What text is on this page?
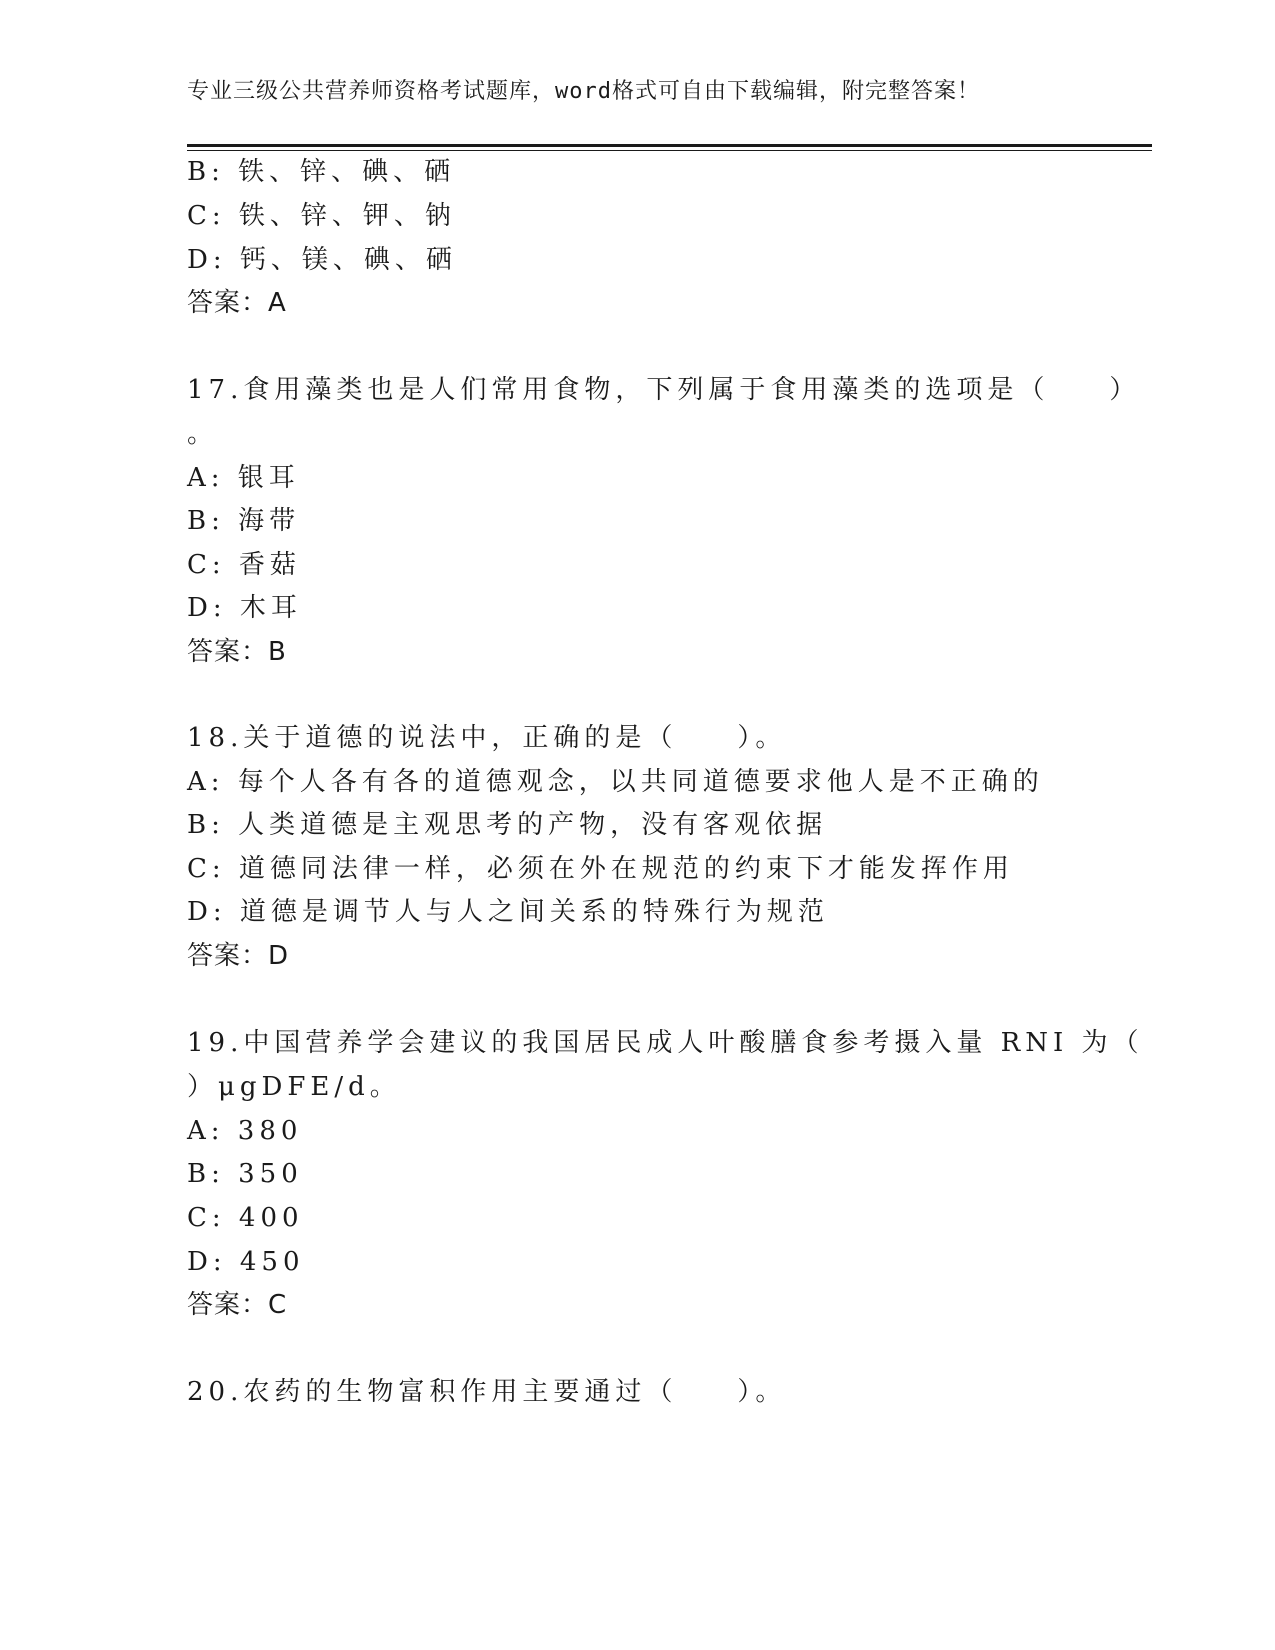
专业三级公共营养师资格考试题库，word格式可自由下载编辑，附完整答案！
B: 铁、锌、碘、硒
C: 铁、锌、钾、钠
D: 钙、镁、碘、硒
答案：A
17.食用藻类也是人们常用食物，下列属于食用藻类的选项是（ ）
。
A: 银耳
B: 海带
C: 香菇
D: 木耳
答案：B
18.关于道德的说法中，正确的是（ ）。
A: 每个人各有各的道德观念，以共同道德要求他人是不正确的
B: 人类道德是主观思考的产物，没有客观依据
C: 道德同法律一样，必须在外在规范的约束下才能发挥作用
D: 道德是调节人与人之间关系的特殊行为规范
答案：D
19.中国营养学会建议的我国居民成人叶酸膳食参考摄入量 RNI 为（
）μgDFE/d。
A: 380
B: 350
C: 400
D: 450
答案：C
20.农药的生物富积作用主要通过（ ）。
